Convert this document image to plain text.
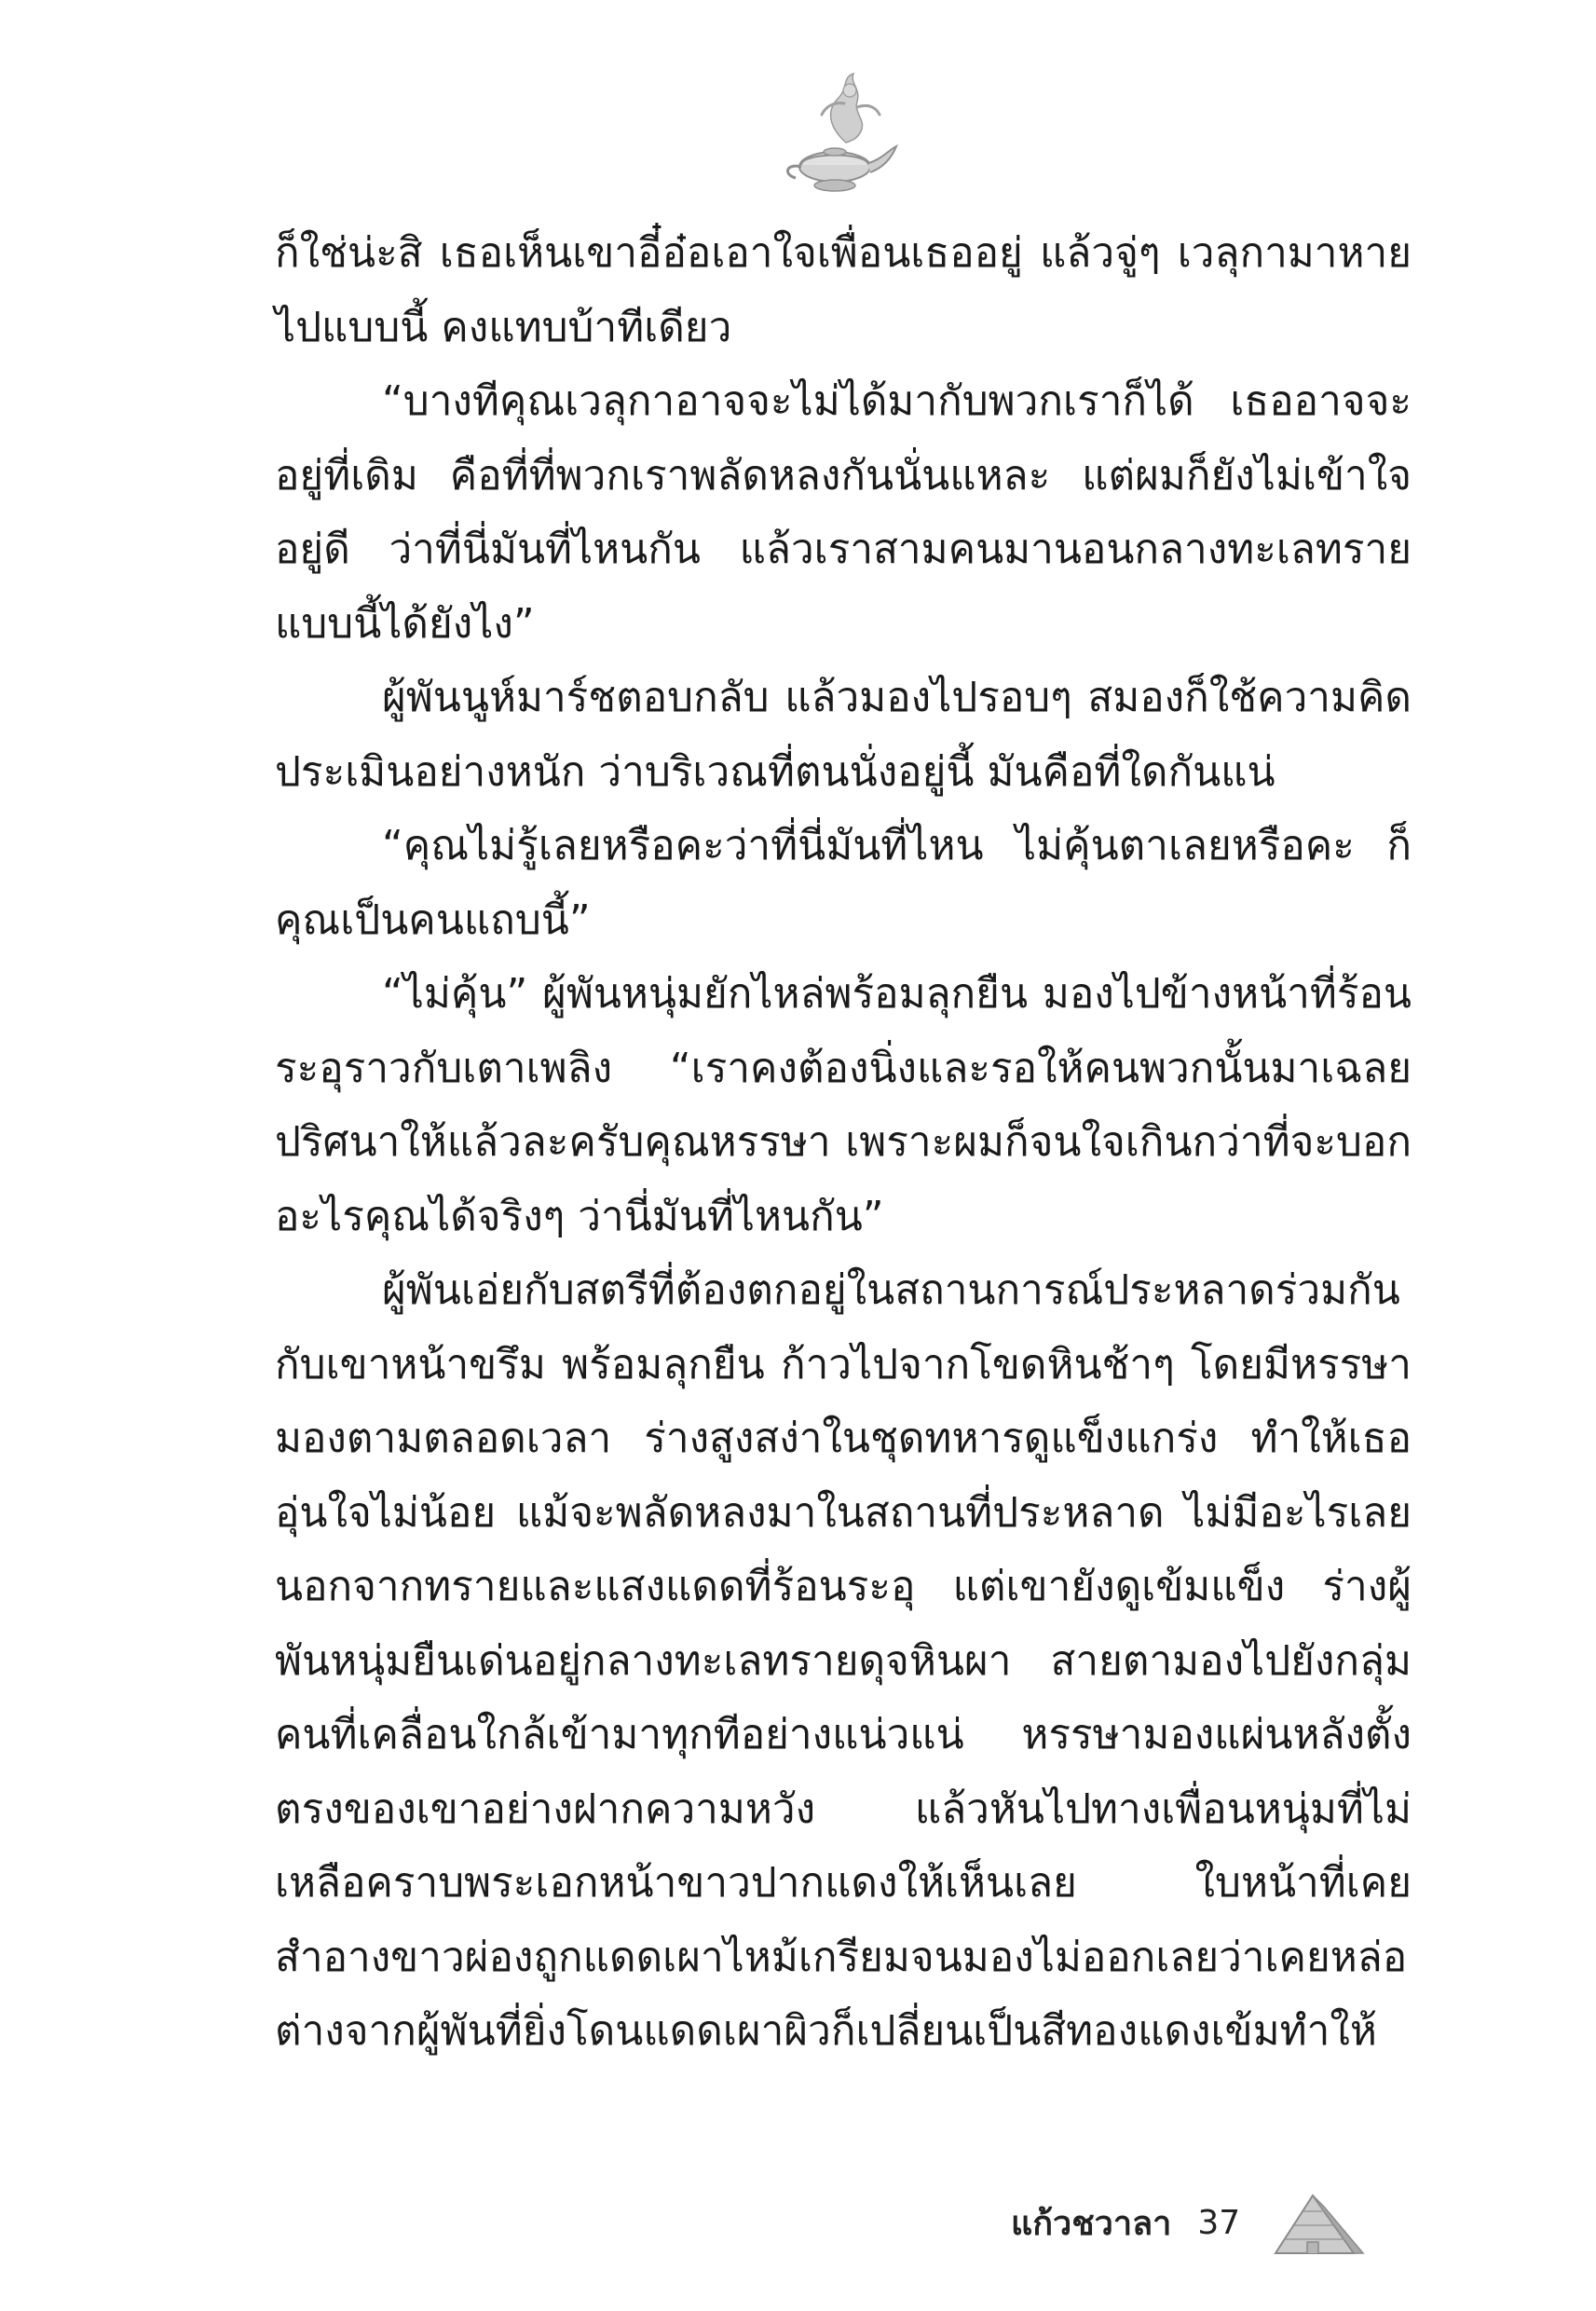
ก็ใช่น่ะสิ เธอเห็นเขาอี๋อ๋อเอาใจเพื่อนเธออยู่ แล้วจู่ๆ เวลุกามาหายไปแบบนี้ คงแทบบ้าทีเดียว

“บางทีคุณเวลุกาอาจจะไม่ได้มากับพวกเราก็ได้ เธออาจจะอยู่ที่เดิม คือที่ที่พวกเราพลัดหลงกันนั่นแหละ แต่ผมก็ยังไม่เข้าใจอยู่ดี ว่าที่นี่มันที่ไหนกัน แล้วเราสามคนมานอนกลางทะเลทรายแบบนี้ได้ยังไง”

ผู้พันนูห์มาร์ชตอบกลับ แล้วมองไปรอบๆ สมองก็ใช้ความคิดประเมินอย่างหนัก ว่าบริเวณที่ตนนั่งอยู่นี้ มันคือที่ใดกันแน่

“คุณไม่รู้เลยหรือคะว่าที่นี่มันที่ไหน ไม่คุ้นตาเลยหรือคะ ก็คุณเป็นคนแถบนี้”

“ไม่คุ้น” ผู้พันหนุ่มยักไหล่พร้อมลุกยืน มองไปข้างหน้าที่ร้อนระอุราวกับเตาเพลิง “เราคงต้องนิ่งและรอให้คนพวกนั้นมาเฉลยปริศนาให้แล้วละครับคุณหรรษา เพราะผมก็จนใจเกินกว่าที่จะบอกอะไรคุณได้จริงๆ ว่านี่มันที่ไหนกัน”

ผู้พันเอ่ยกับสตรีที่ต้องตกอยู่ในสถานการณ์ประหลาดร่วมกันกับเขาหน้าขรึม พร้อมลุกยืน ก้าวไปจากโขดหินช้าๆ โดยมีหรรษามองตามตลอดเวลา ร่างสูงสง่าในชุดทหารดูแข็งแกร่ง ทำให้เธออุ่นใจไม่น้อย แม้จะพลัดหลงมาในสถานที่ประหลาด ไม่มีอะไรเลยนอกจากทรายและแสงแดดที่ร้อนระอุ แต่เขายังดูเข้มแข็ง ร่างผู้พันหนุ่มยืนเด่นอยู่กลางทะเลทรายดุจหินผา สายตามองไปยังกลุ่มคนที่เคลื่อนใกล้เข้ามาทุกทีอย่างแน่วแน่ หรรษามองแผ่นหลังตั้งตรงของเขาอย่างฝากความหวัง แล้วหันไปทางเพื่อนหนุ่มที่ไม่เหลือคราบพระเอกหน้าขาวปากแดงให้เห็นเลย ใบหน้าที่เคยสำอางขาวผ่องถูกแดดเผาไหม้เกรียมจนมองไม่ออกเลยว่าเคยหล่อต่างจากผู้พันที่ยิ่งโดนแดดเผาผิวก็เปลี่ยนเป็นสีทองแดงเข้มทำให้

แก้วชวาลา 37
